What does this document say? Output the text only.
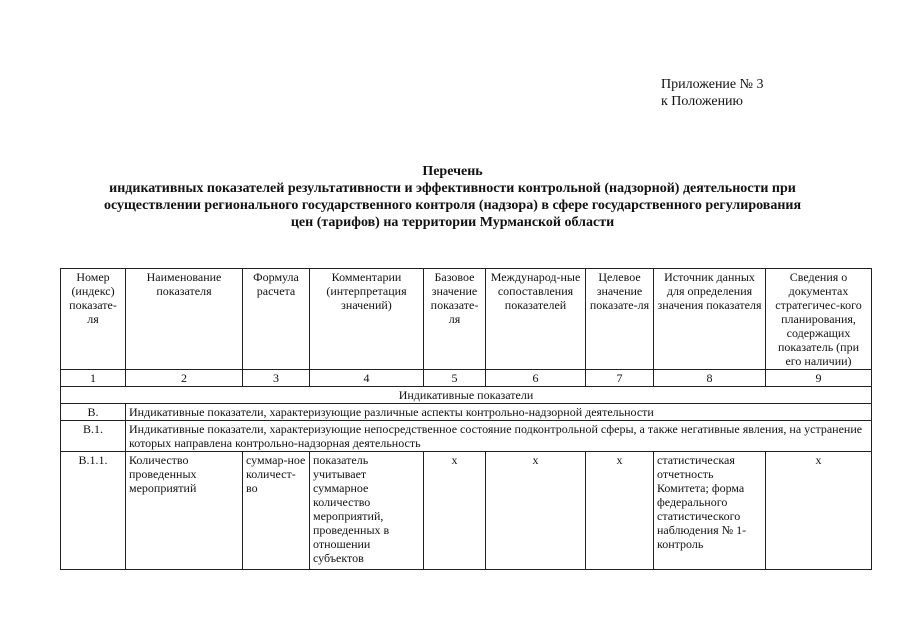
Приложение № 3
к Положению
Перечень
индикативных показателей результативности и эффективности контрольной (надзорной) деятельности при
осуществлении регионального государственного контроля (надзора) в сфере государственного регулирования
цен (тарифов) на территории Мурманской области
Номер (индекс) показате-ля	Наименование показателя	Формула расчета	Комментарии (интерпретация значений)	Базовое значение показате-ля	Международ-ные сопоставления показателей	Целевое значение показате-ля	Источник данных для определения значения показателя	Сведения о документах стратегичес-кого планирования, содержащих показатель (при его наличии)
1	2	3	4	5	6	7	8	9
Индикативные показатели								
В.	Индикативные показатели, характеризующие различные аспекты контрольно-надзорной деятельности							
В.1.	Индикативные показатели, характеризующие непосредственное состояние подконтрольной сферы, а также негативные явления, на устранение которых направлена контрольно-надзорная деятельность							
В.1.1.	Количество проведенных мероприятий	суммар-ное количест-во	показатель учитывает суммарное количество мероприятий, проведенных в отношении субъектов	х	х	х	статистическая отчетность Комитета; форма федерального статистического наблюдения № 1-контроль	х
